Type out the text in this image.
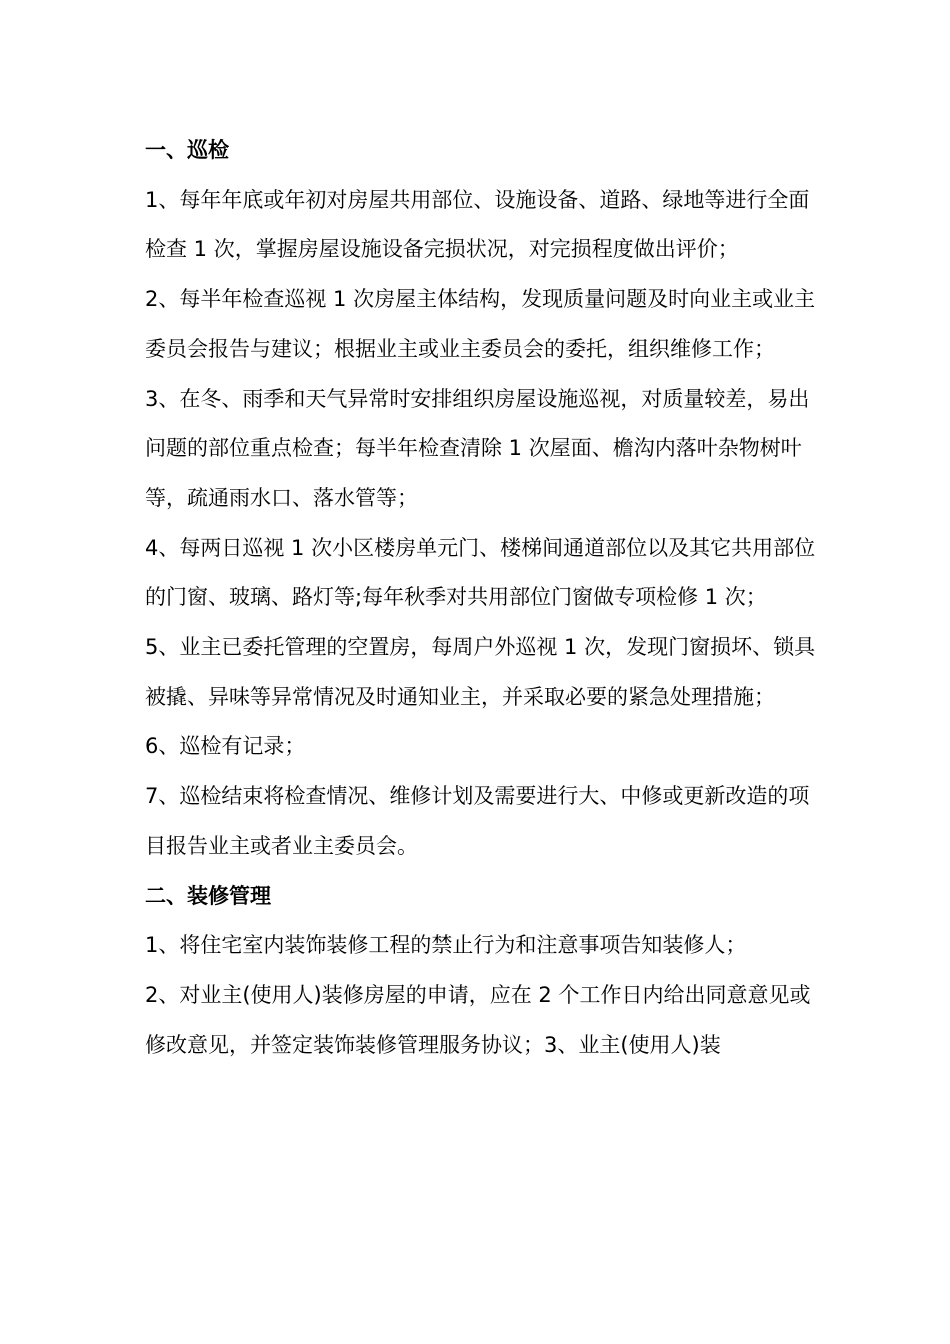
一、巡检

1、每年年底或年初对房屋共用部位、设施设备、道路、绿地等进行全面检查 1 次，掌握房屋设施设备完损状况，对完损程度做出评价；

2、每半年检查巡视 1 次房屋主体结构，发现质量问题及时向业主或业主委员会报告与建议；根据业主或业主委员会的委托，组织维修工作；

3、在冬、雨季和天气异常时安排组织房屋设施巡视，对质量较差，易出问题的部位重点检查；每半年检查清除 1 次屋面、檐沟内落叶杂物树叶等，疏通雨水口、落水管等；

4、每两日巡视 1 次小区楼房单元门、楼梯间通道部位以及其它共用部位的门窗、玻璃、路灯等;每年秋季对共用部位门窗做专项检修 1 次；

5、业主已委托管理的空置房，每周户外巡视 1 次，发现门窗损坏、锁具被撬、异味等异常情况及时通知业主，并采取必要的紧急处理措施；

6、巡检有记录；

7、巡检结束将检查情况、维修计划及需要进行大、中修或更新改造的项目报告业主或者业主委员会。

二、装修管理

1、将住宅室内装饰装修工程的禁止行为和注意事项告知装修人；

2、对业主(使用人)装修房屋的申请，应在 2 个工作日内给出同意意见或修改意见，并签定装饰装修管理服务协议；3、业主(使用人)装
